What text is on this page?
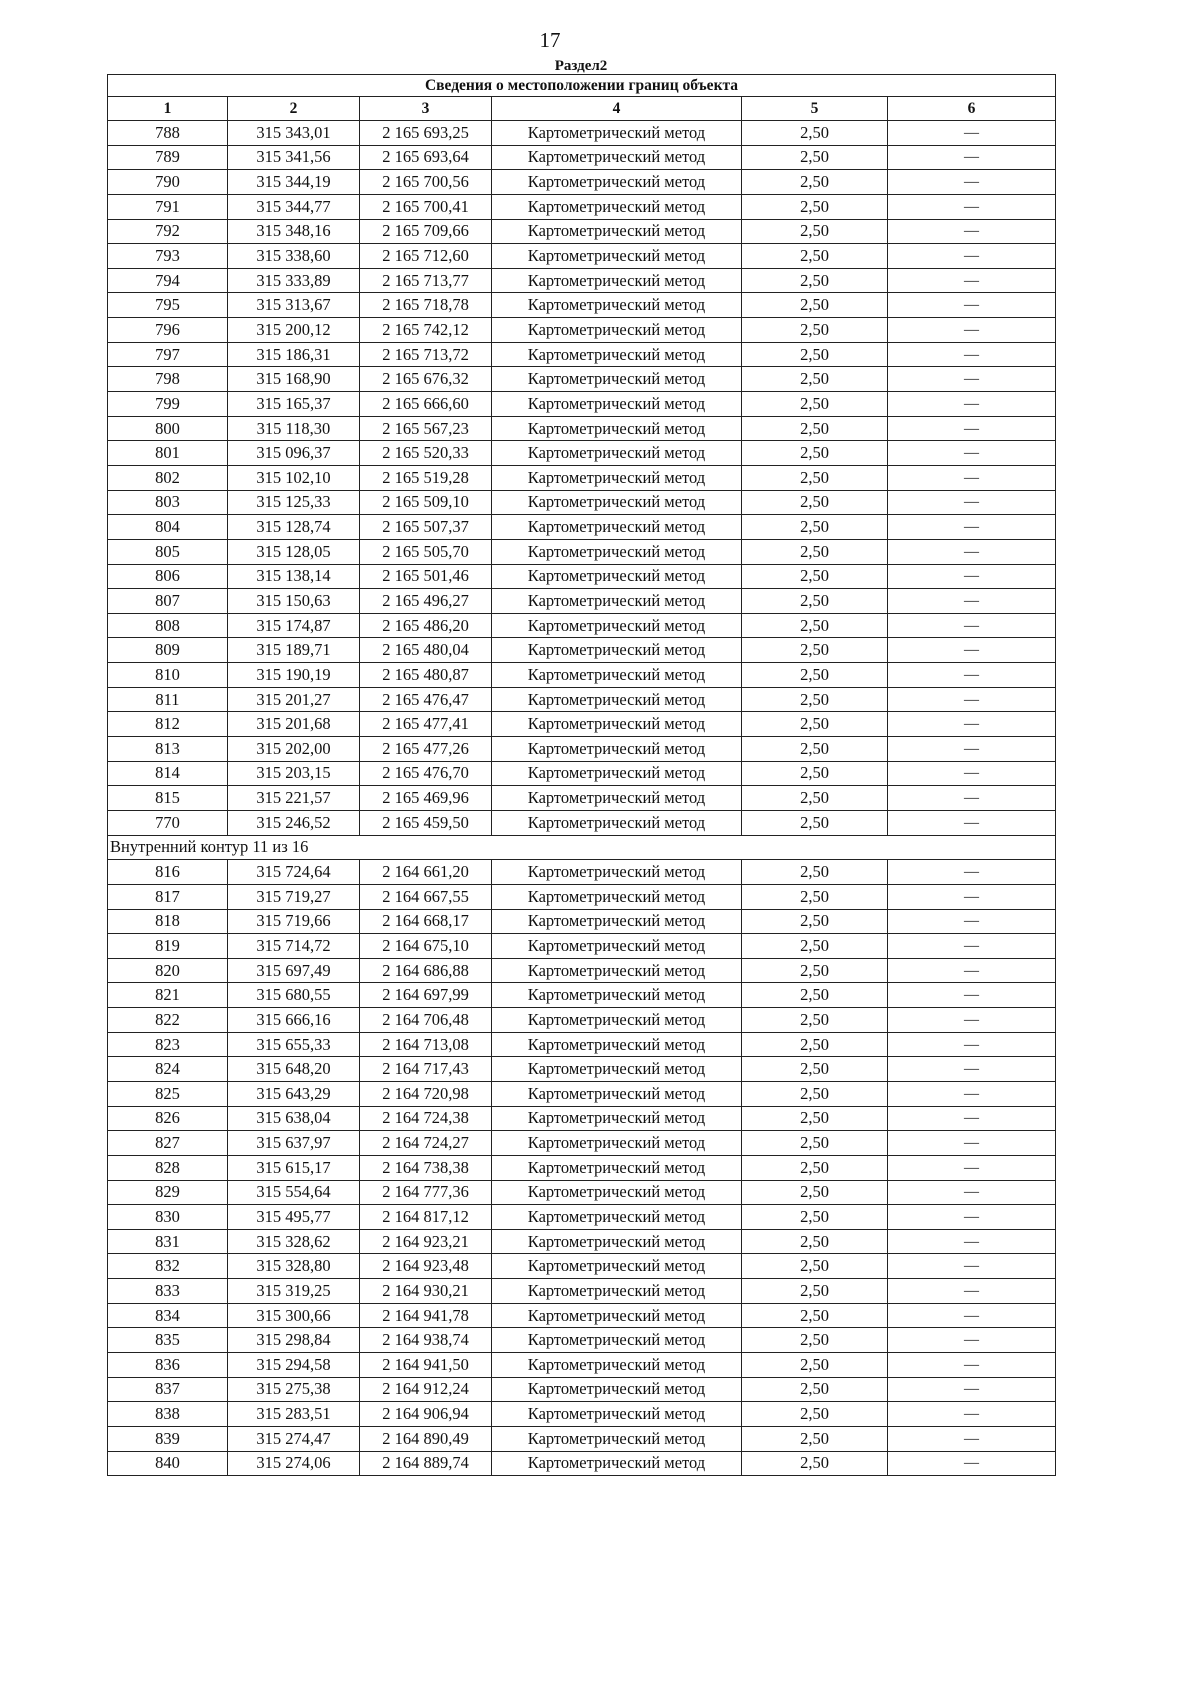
17
Раздел2
Сведения о местоположении границ объекта					
1	2	3	4	5	6
788	315 343,01	2 165 693,25	Картометрический метод	2,50	—
789	315 341,56	2 165 693,64	Картометрический метод	2,50	—
790	315 344,19	2 165 700,56	Картометрический метод	2,50	—
791	315 344,77	2 165 700,41	Картометрический метод	2,50	—
792	315 348,16	2 165 709,66	Картометрический метод	2,50	—
793	315 338,60	2 165 712,60	Картометрический метод	2,50	—
794	315 333,89	2 165 713,77	Картометрический метод	2,50	—
795	315 313,67	2 165 718,78	Картометрический метод	2,50	—
796	315 200,12	2 165 742,12	Картометрический метод	2,50	—
797	315 186,31	2 165 713,72	Картометрический метод	2,50	—
798	315 168,90	2 165 676,32	Картометрический метод	2,50	—
799	315 165,37	2 165 666,60	Картометрический метод	2,50	—
800	315 118,30	2 165 567,23	Картометрический метод	2,50	—
801	315 096,37	2 165 520,33	Картометрический метод	2,50	—
802	315 102,10	2 165 519,28	Картометрический метод	2,50	—
803	315 125,33	2 165 509,10	Картометрический метод	2,50	—
804	315 128,74	2 165 507,37	Картометрический метод	2,50	—
805	315 128,05	2 165 505,70	Картометрический метод	2,50	—
806	315 138,14	2 165 501,46	Картометрический метод	2,50	—
807	315 150,63	2 165 496,27	Картометрический метод	2,50	—
808	315 174,87	2 165 486,20	Картометрический метод	2,50	—
809	315 189,71	2 165 480,04	Картометрический метод	2,50	—
810	315 190,19	2 165 480,87	Картометрический метод	2,50	—
811	315 201,27	2 165 476,47	Картометрический метод	2,50	—
812	315 201,68	2 165 477,41	Картометрический метод	2,50	—
813	315 202,00	2 165 477,26	Картометрический метод	2,50	—
814	315 203,15	2 165 476,70	Картометрический метод	2,50	—
815	315 221,57	2 165 469,96	Картометрический метод	2,50	—
770	315 246,52	2 165 459,50	Картометрический метод	2,50	—
Внутренний контур 11 из 16					
816	315 724,64	2 164 661,20	Картометрический метод	2,50	—
817	315 719,27	2 164 667,55	Картометрический метод	2,50	—
818	315 719,66	2 164 668,17	Картометрический метод	2,50	—
819	315 714,72	2 164 675,10	Картометрический метод	2,50	—
820	315 697,49	2 164 686,88	Картометрический метод	2,50	—
821	315 680,55	2 164 697,99	Картометрический метод	2,50	—
822	315 666,16	2 164 706,48	Картометрический метод	2,50	—
823	315 655,33	2 164 713,08	Картометрический метод	2,50	—
824	315 648,20	2 164 717,43	Картометрический метод	2,50	—
825	315 643,29	2 164 720,98	Картометрический метод	2,50	—
826	315 638,04	2 164 724,38	Картометрический метод	2,50	—
827	315 637,97	2 164 724,27	Картометрический метод	2,50	—
828	315 615,17	2 164 738,38	Картометрический метод	2,50	—
829	315 554,64	2 164 777,36	Картометрический метод	2,50	—
830	315 495,77	2 164 817,12	Картометрический метод	2,50	—
831	315 328,62	2 164 923,21	Картометрический метод	2,50	—
832	315 328,80	2 164 923,48	Картометрический метод	2,50	—
833	315 319,25	2 164 930,21	Картометрический метод	2,50	—
834	315 300,66	2 164 941,78	Картометрический метод	2,50	—
835	315 298,84	2 164 938,74	Картометрический метод	2,50	—
836	315 294,58	2 164 941,50	Картометрический метод	2,50	—
837	315 275,38	2 164 912,24	Картометрический метод	2,50	—
838	315 283,51	2 164 906,94	Картометрический метод	2,50	—
839	315 274,47	2 164 890,49	Картометрический метод	2,50	—
840	315 274,06	2 164 889,74	Картометрический метод	2,50	—
